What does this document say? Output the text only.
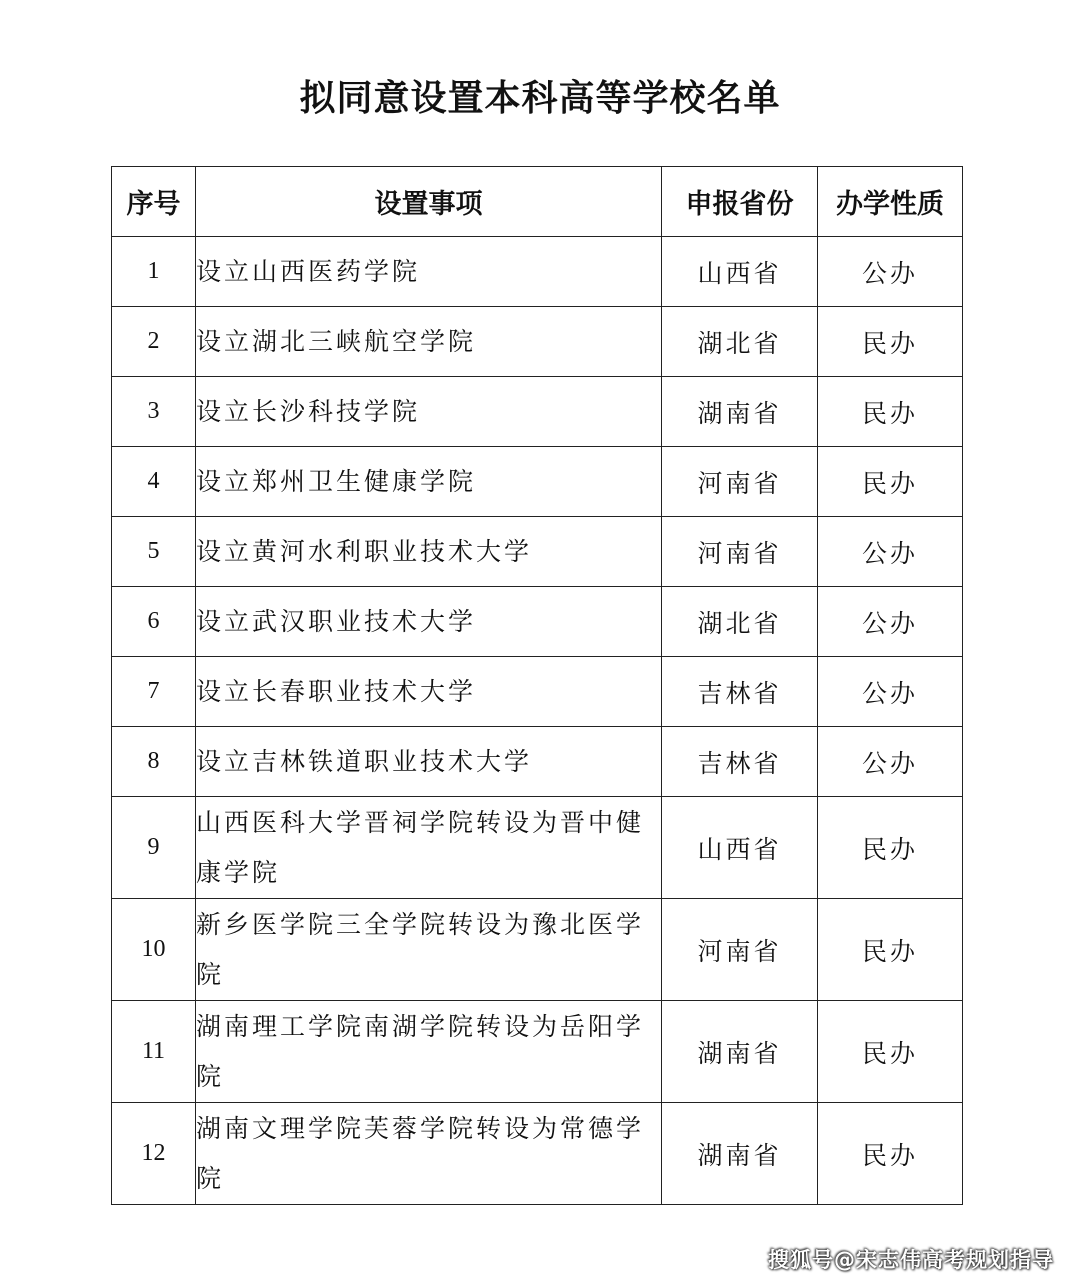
拟同意设置本科高等学校名单
序号	设置事项	申报省份	办学性质
1	设立山西医药学院	山西省	公办
2	设立湖北三峡航空学院	湖北省	民办
3	设立长沙科技学院	湖南省	民办
4	设立郑州卫生健康学院	河南省	民办
5	设立黄河水利职业技术大学	河南省	公办
6	设立武汉职业技术大学	湖北省	公办
7	设立长春职业技术大学	吉林省	公办
8	设立吉林铁道职业技术大学	吉林省	公办
9	山西医科大学晋祠学院转设为晋中健康学院	山西省	民办
10	新乡医学院三全学院转设为豫北医学院	河南省	民办
11	湖南理工学院南湖学院转设为岳阳学院	湖南省	民办
12	湖南文理学院芙蓉学院转设为常德学院	湖南省	民办
搜狐号@宋志伟高考规划指导
